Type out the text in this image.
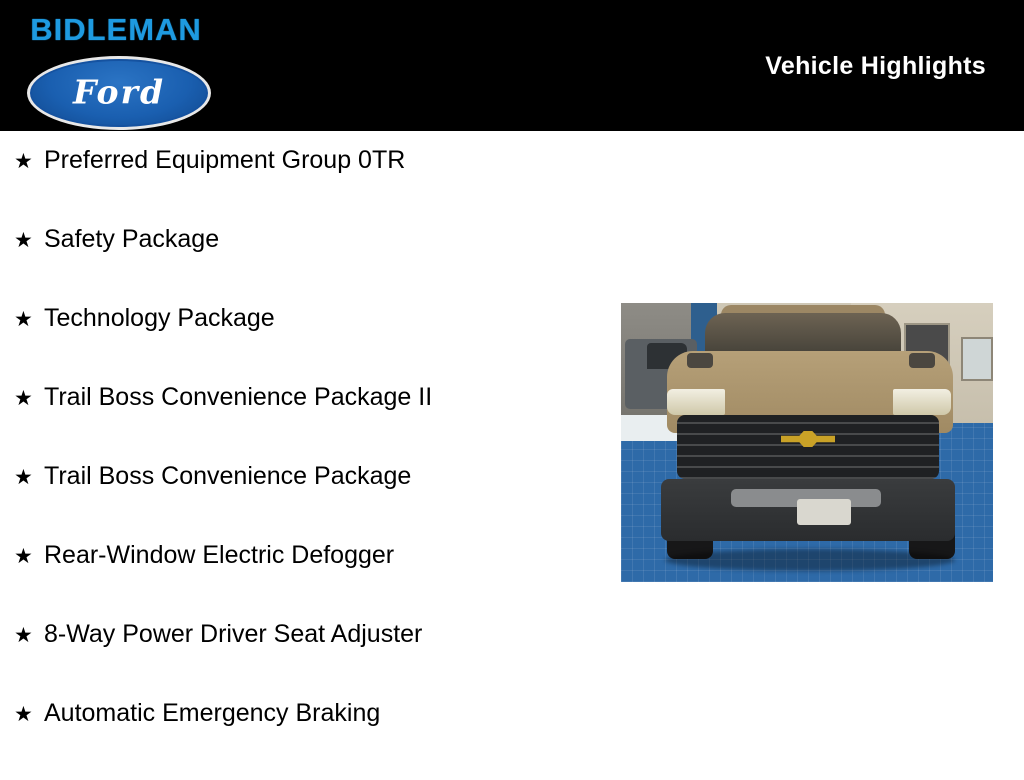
BIDLEMAN
Ford
Vehicle Highlights
★ Preferred Equipment Group 0TR
★ Safety Package
★ Technology Package
★ Trail Boss Convenience Package II
★ Trail Boss Convenience Package
★ Rear-Window Electric Defogger
★ 8-Way Power Driver Seat Adjuster
★ Automatic Emergency Braking
